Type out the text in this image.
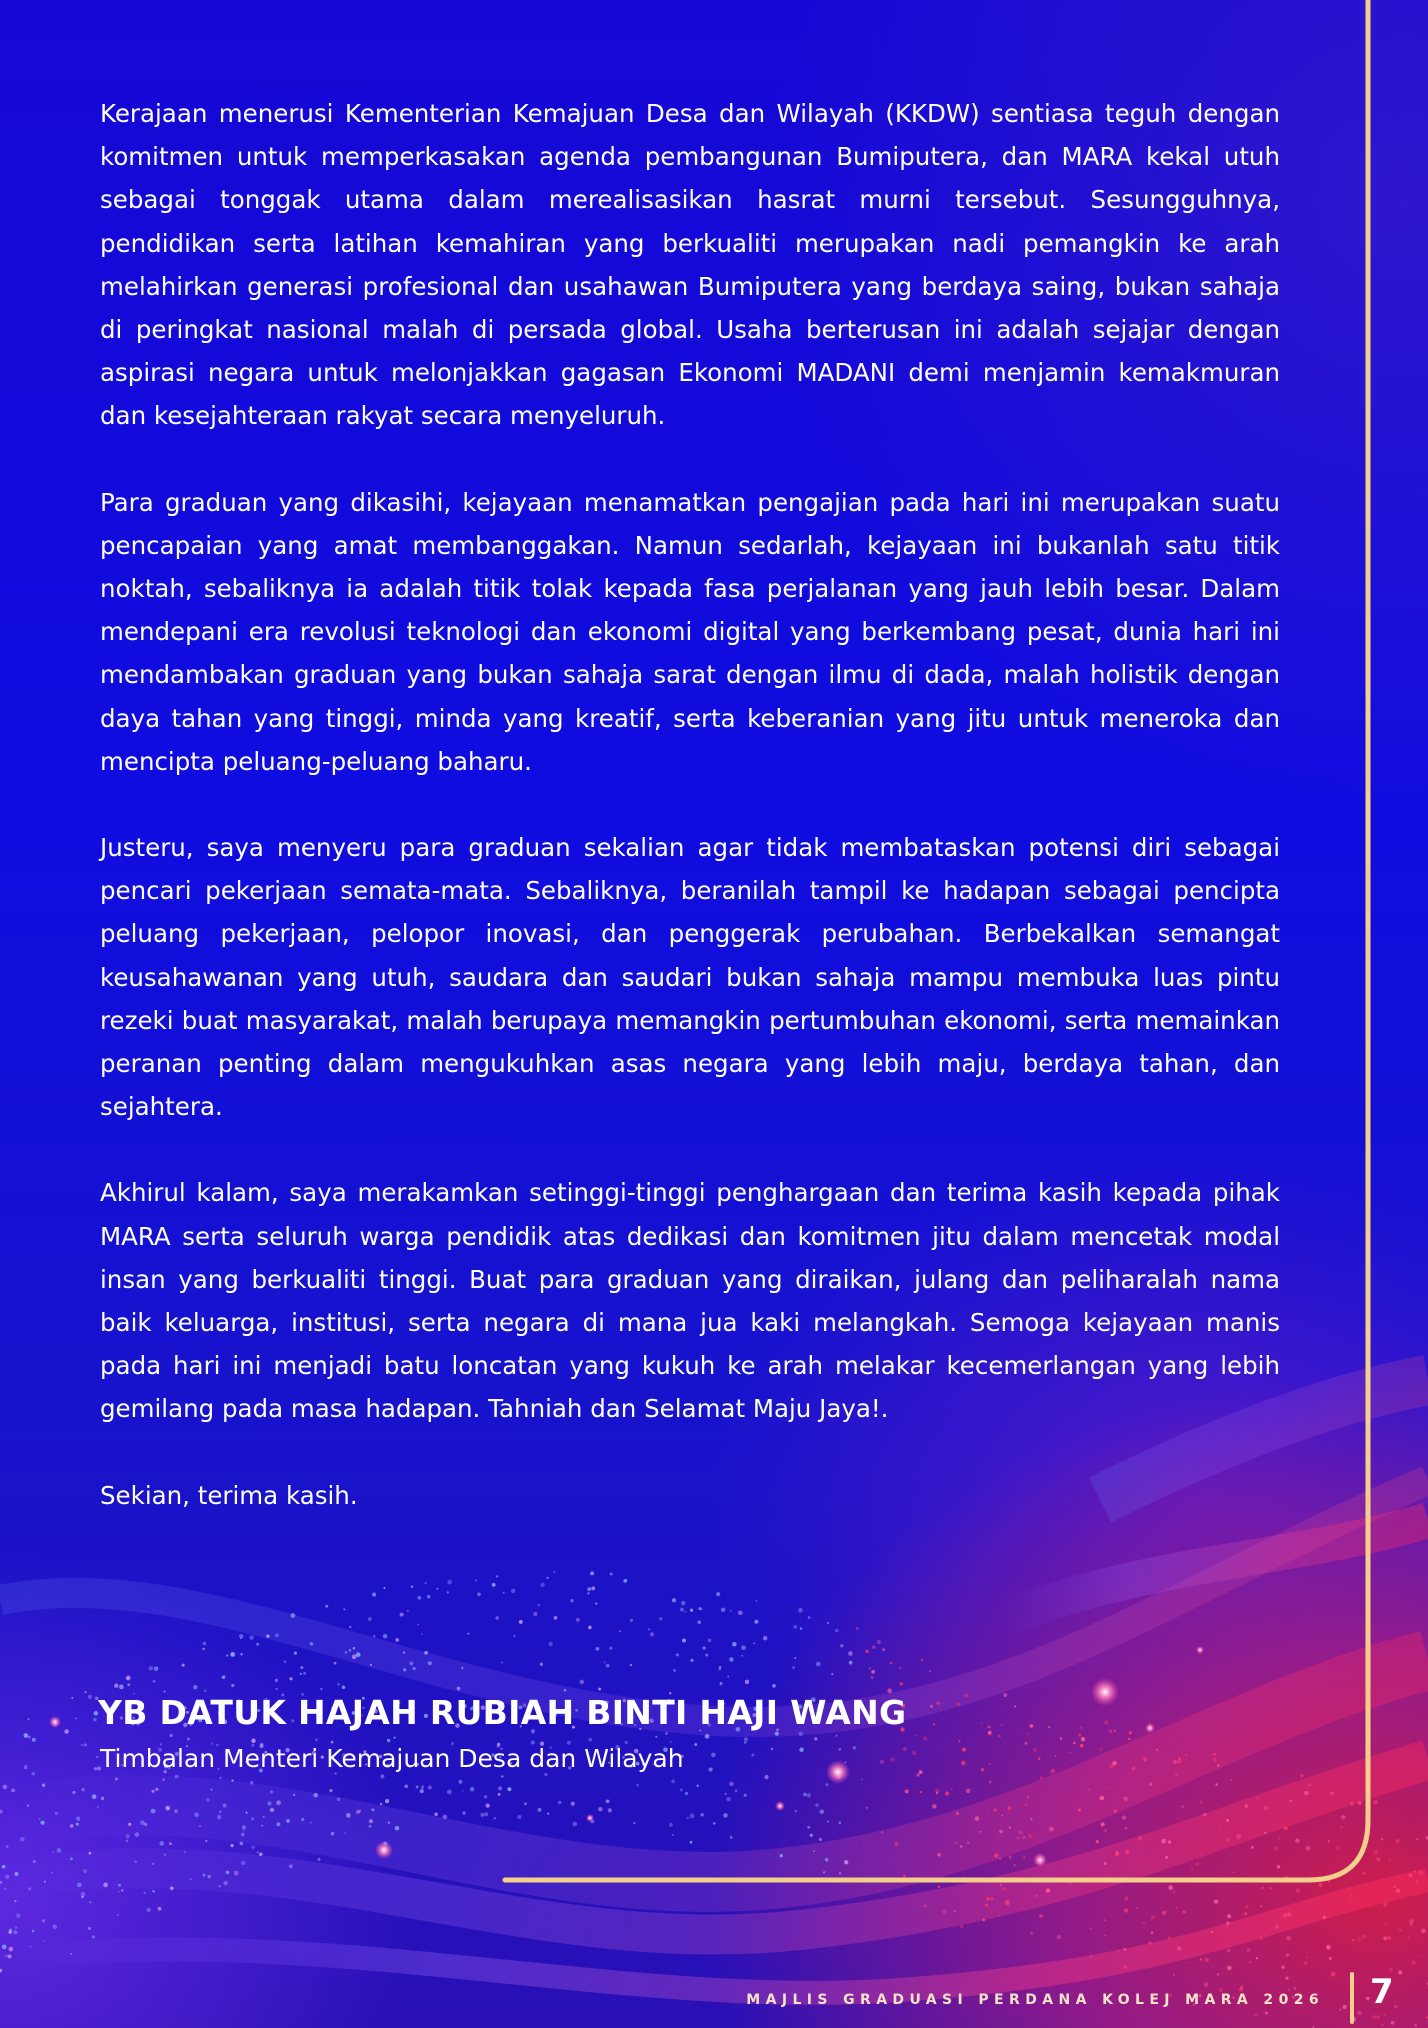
Kerajaan menerusi Kementerian Kemajuan Desa dan Wilayah (KKDW) sentiasa teguh dengan komitmen untuk memperkasakan agenda pembangunan Bumiputera, dan MARA kekal utuh sebagai tonggak utama dalam merealisasikan hasrat murni tersebut. Sesungguhnya, pendidikan serta latihan kemahiran yang berkualiti merupakan nadi pemangkin ke arah melahirkan generasi profesional dan usahawan Bumiputera yang berdaya saing, bukan sahaja di peringkat nasional malah di persada global. Usaha berterusan ini adalah sejajar dengan aspirasi negara untuk melonjakkan gagasan Ekonomi MADANI demi menjamin kemakmuran dan kesejahteraan rakyat secara menyeluruh.

Para graduan yang dikasihi, kejayaan menamatkan pengajian pada hari ini merupakan suatu pencapaian yang amat membanggakan. Namun sedarlah, kejayaan ini bukanlah satu titik noktah, sebaliknya ia adalah titik tolak kepada fasa perjalanan yang jauh lebih besar. Dalam mendepani era revolusi teknologi dan ekonomi digital yang berkembang pesat, dunia hari ini mendambakan graduan yang bukan sahaja sarat dengan ilmu di dada, malah holistik dengan daya tahan yang tinggi, minda yang kreatif, serta keberanian yang jitu untuk meneroka dan mencipta peluang-peluang baharu.

Justeru, saya menyeru para graduan sekalian agar tidak membataskan potensi diri sebagai pencari pekerjaan semata-mata. Sebaliknya, beranilah tampil ke hadapan sebagai pencipta peluang pekerjaan, pelopor inovasi, dan penggerak perubahan. Berbekalkan semangat keusahawanan yang utuh, saudara dan saudari bukan sahaja mampu membuka luas pintu rezeki buat masyarakat, malah berupaya memangkin pertumbuhan ekonomi, serta memainkan peranan penting dalam mengukuhkan asas negara yang lebih maju, berdaya tahan, dan sejahtera.

Akhirul kalam, saya merakamkan setinggi-tinggi penghargaan dan terima kasih kepada pihak MARA serta seluruh warga pendidik atas dedikasi dan komitmen jitu dalam mencetak modal insan yang berkualiti tinggi. Buat para graduan yang diraikan, julang dan peliharalah nama baik keluarga, institusi, serta negara di mana jua kaki melangkah. Semoga kejayaan manis pada hari ini menjadi batu loncatan yang kukuh ke arah melakar kecemerlangan yang lebih gemilang pada masa hadapan. Tahniah dan Selamat Maju Jaya!.

Sekian, terima kasih.

YB DATUK HAJAH RUBIAH BINTI HAJI WANG
Timbalan Menteri Kemajuan Desa dan Wilayah
MAJLIS GRADUASI PERDANA KOLEJ MARA 2026 7
